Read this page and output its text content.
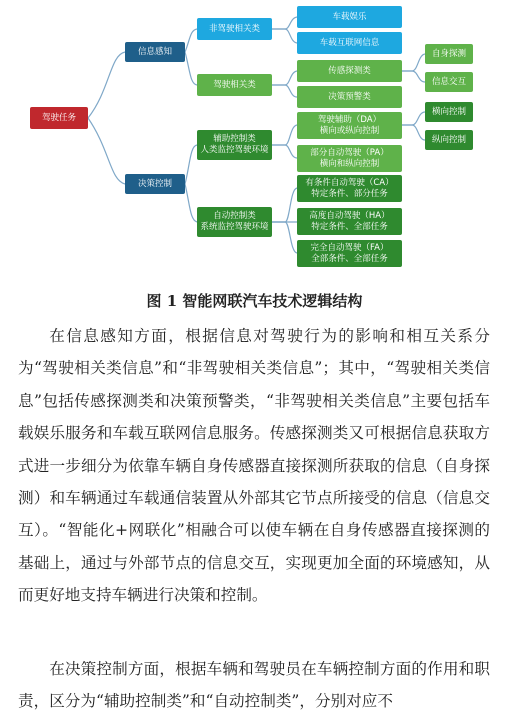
驾驶任务
信息感知
决策控制
非驾驶相关类
驾驶相关类
车载娱乐
车载互联网信息
传感探测类
决策预警类
自身探测
信息交互
辅助控制类
人类监控驾驶环境
自动控制类
系统监控驾驶环境
驾驶辅助（DA）
横向或纵向控制
部分自动驾驶（PA）
横向和纵向控制
横向控制
纵向控制
有条件自动驾驶（CA）
特定条件、部分任务
高度自动驾驶（HA）
特定条件、全部任务
完全自动驾驶（FA）
全部条件、全部任务
图 1 智能网联汽车技术逻辑结构

在信息感知方面，根据信息对驾驶行为的影响和相互关系分为“驾驶相关类信息”和“非驾驶相关类信息”；其中，“驾驶相关类信息”包括传感探测类和决策预警类，“非驾驶相关类信息”主要包括车载娱乐服务和车载互联网信息服务。传感探测类又可根据信息获取方式进一步细分为依靠车辆自身传感器直接探测所获取的信息（自身探测）和车辆通过车载通信装置从外部其它节点所接受的信息（信息交互）。“智能化+网联化”相融合可以使车辆在自身传感器直接探测的基础上，通过与外部节点的信息交互，实现更加全面的环境感知，从而更好地支持车辆进行决策和控制。

在决策控制方面，根据车辆和驾驶员在车辆控制方面的作用和职责，区分为“辅助控制类”和“自动控制类”，分别对应不
